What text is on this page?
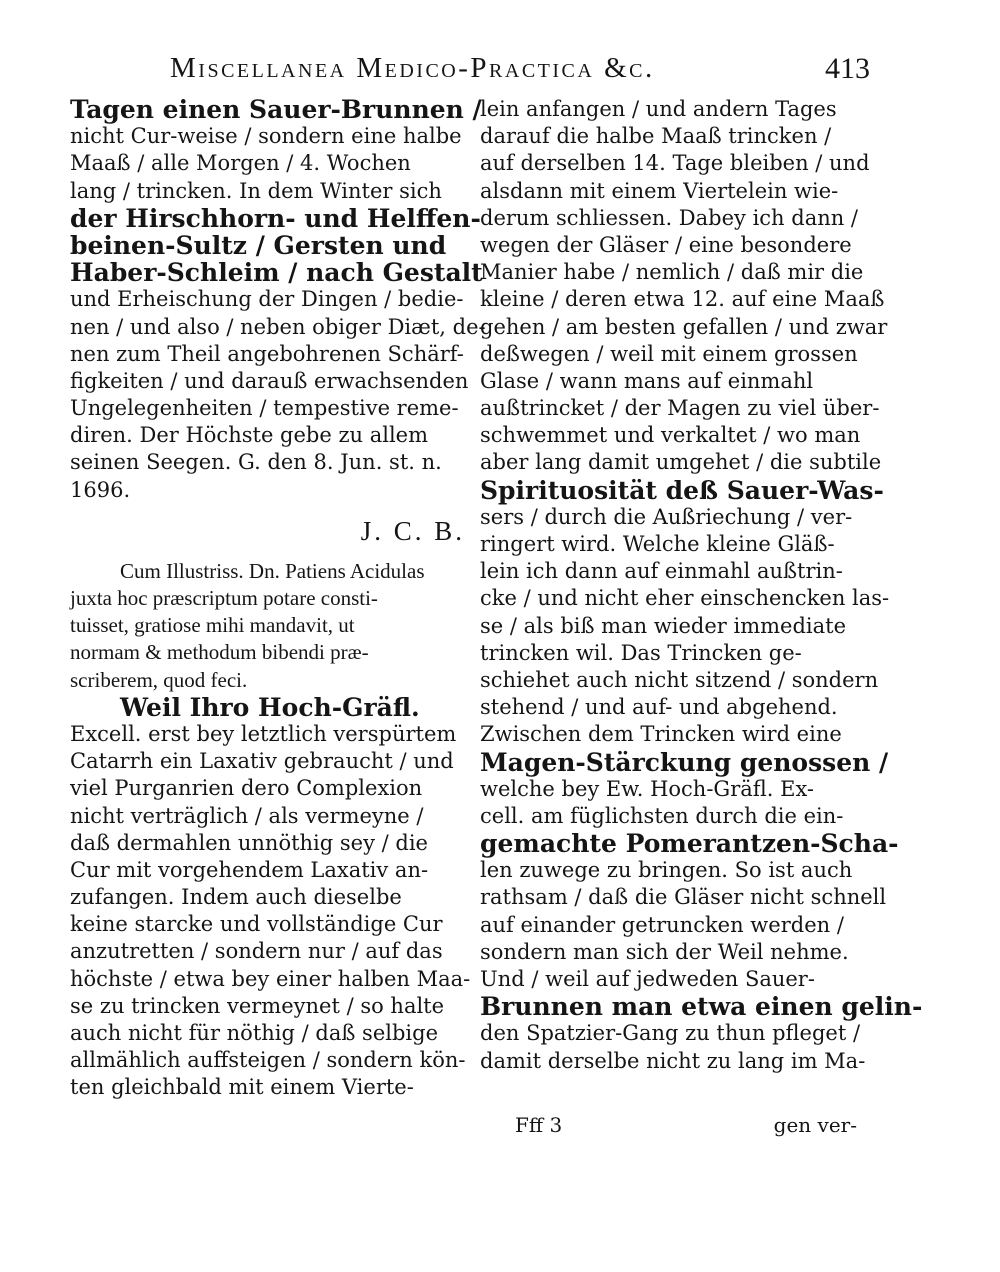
Miscellanea Medico-Practica &c.	413
Tagen einen Sauer-Brunnen /
nicht Cur-weise / sondern eine halbe
Maaß / alle Morgen / 4. Wochen
lang / trincken. In dem Winter sich
der Hirschhorn- und Helffen-
beinen-Sultz / Gersten und
Haber-Schleim / nach Gestalt
und Erheischung der Dingen / bedie-
nen / und also / neben obiger Diæt, de-
nen zum Theil angebohrenen Schärf-
figkeiten / und darauß erwachsenden
Ungelegenheiten / tempestive reme-
diren. Der Höchste gebe zu allem
seinen Seegen. G. den 8. Jun. st. n.
1696.
J. C. B.
Cum Illustriss. Dn. Patiens Acidulas
juxta hoc præscriptum potare consti-
tuisset, gratiose mihi mandavit, ut
normam & methodum bibendi præ-
scriberem, quod feci.
Weil Ihro Hoch-Gräfl.
Excell. erst bey letztlich verspürtem
Catarrh ein Laxativ gebraucht / und
viel Purganrien dero Complexion
nicht verträglich / als vermeyne /
daß dermahlen unnöthig sey / die
Cur mit vorgehendem Laxativ an-
zufangen. Indem auch dieselbe
keine starcke und vollständige Cur
anzutretten / sondern nur / auf das
höchste / etwa bey einer halben Maa-
se zu trincken vermeynet / so halte
auch nicht für nöthig / daß selbige
allmählich auffsteigen / sondern kön-
ten gleichbald mit einem Vierte-
lein anfangen / und andern Tages
darauf die halbe Maaß trincken /
auf derselben 14. Tage bleiben / und
alsdann mit einem Viertelein wie-
derum schliessen. Dabey ich dann /
wegen der Gläser / eine besondere
Manier habe / nemlich / daß mir die
kleine / deren etwa 12. auf eine Maaß
gehen / am besten gefallen / und zwar
deßwegen / weil mit einem grossen
Glase / wann mans auf einmahl
außtrincket / der Magen zu viel über-
schwemmet und verkaltet / wo man
aber lang damit umgehet / die subtile
Spirituosität deß Sauer-Was-
sers / durch die Außriechung / ver-
ringert wird. Welche kleine Gläß-
lein ich dann auf einmahl außtrin-
cke / und nicht eher einschencken las-
se / als biß man wieder immediate
trincken wil. Das Trincken ge-
schiehet auch nicht sitzend / sondern
stehend / und auf- und abgehend.
Zwischen dem Trincken wird eine
Magen-Stärckung genossen /
welche bey Ew. Hoch-Gräfl. Ex-
cell. am füglichsten durch die ein-
gemachte Pomerantzen-Scha-
len zuwege zu bringen. So ist auch
rathsam / daß die Gläser nicht schnell
auf einander getruncken werden /
sondern man sich der Weil nehme.
Und / weil auf jedweden Sauer-
Brunnen man etwa einen gelin-
den Spatzier-Gang zu thun pfleget /
damit derselbe nicht zu lang im Ma-
Fff 3	gen ver-
